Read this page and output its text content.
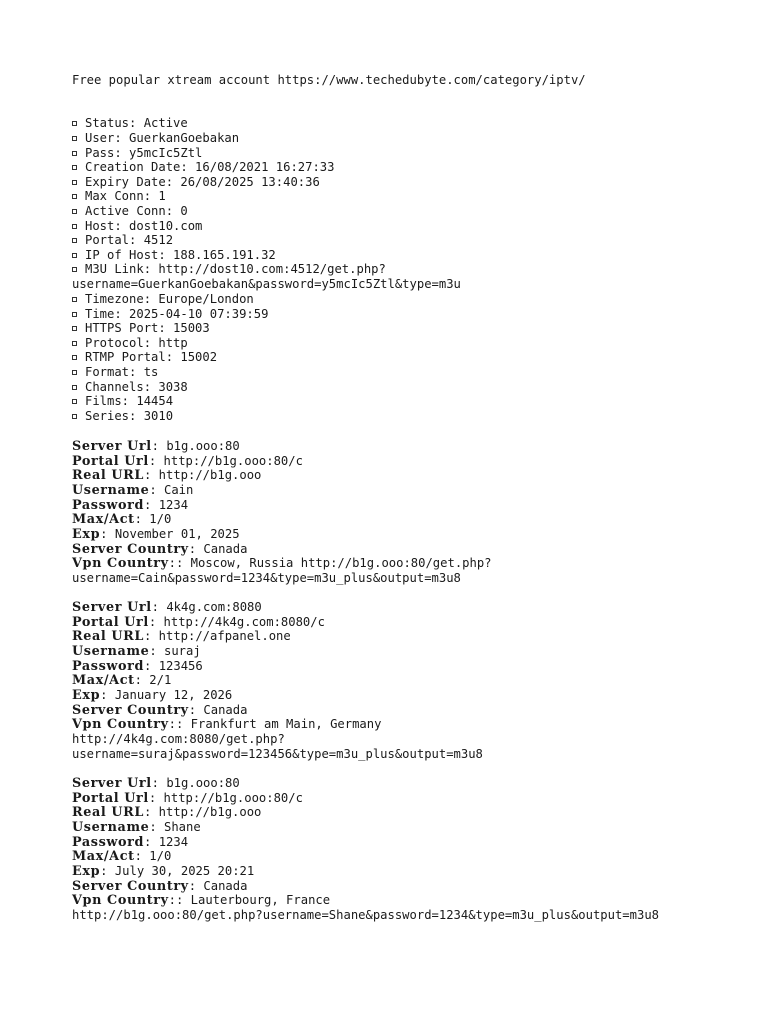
Free popular xtream account https://www.techedubyte.com/category/iptv/
Status: Active
User: GuerkanGoebakan
Pass: y5mcIc5Ztl
Creation Date: 16/08/2021 16:27:33
Expiry Date: 26/08/2025 13:40:36
Max Conn: 1
Active Conn: 0
Host: dost10.com
Portal: 4512
IP of Host: 188.165.191.32
M3U Link: http://dost10.com:4512/get.php?
username=GuerkanGoebakan&password=y5mcIc5Ztl&type=m3u
Timezone: Europe/London
Time: 2025-04-10 07:39:59
HTTPS Port: 15003
Protocol: http
RTMP Portal: 15002
Format: ts
Channels: 3038
Films: 14454
Series: 3010
Server Url: b1g.ooo:80
Portal Url: http://b1g.ooo:80/c
Real URL: http://b1g.ooo
Username: Cain
Password: 1234
Max/Act: 1/0
Exp: November 01, 2025
Server Country: Canada
Vpn Country:: Moscow, Russia http://b1g.ooo:80/get.php?
username=Cain&password=1234&type=m3u_plus&output=m3u8
Server Url: 4k4g.com:8080
Portal Url: http://4k4g.com:8080/c
Real URL: http://afpanel.one
Username: suraj
Password: 123456
Max/Act: 2/1
Exp: January 12, 2026
Server Country: Canada
Vpn Country:: Frankfurt am Main, Germany
http://4k4g.com:8080/get.php?
username=suraj&password=123456&type=m3u_plus&output=m3u8
Server Url: b1g.ooo:80
Portal Url: http://b1g.ooo:80/c
Real URL: http://b1g.ooo
Username: Shane
Password: 1234
Max/Act: 1/0
Exp: July 30, 2025 20:21
Server Country: Canada
Vpn Country:: Lauterbourg, France
http://b1g.ooo:80/get.php?username=Shane&password=1234&type=m3u_plus&output=m3u8
